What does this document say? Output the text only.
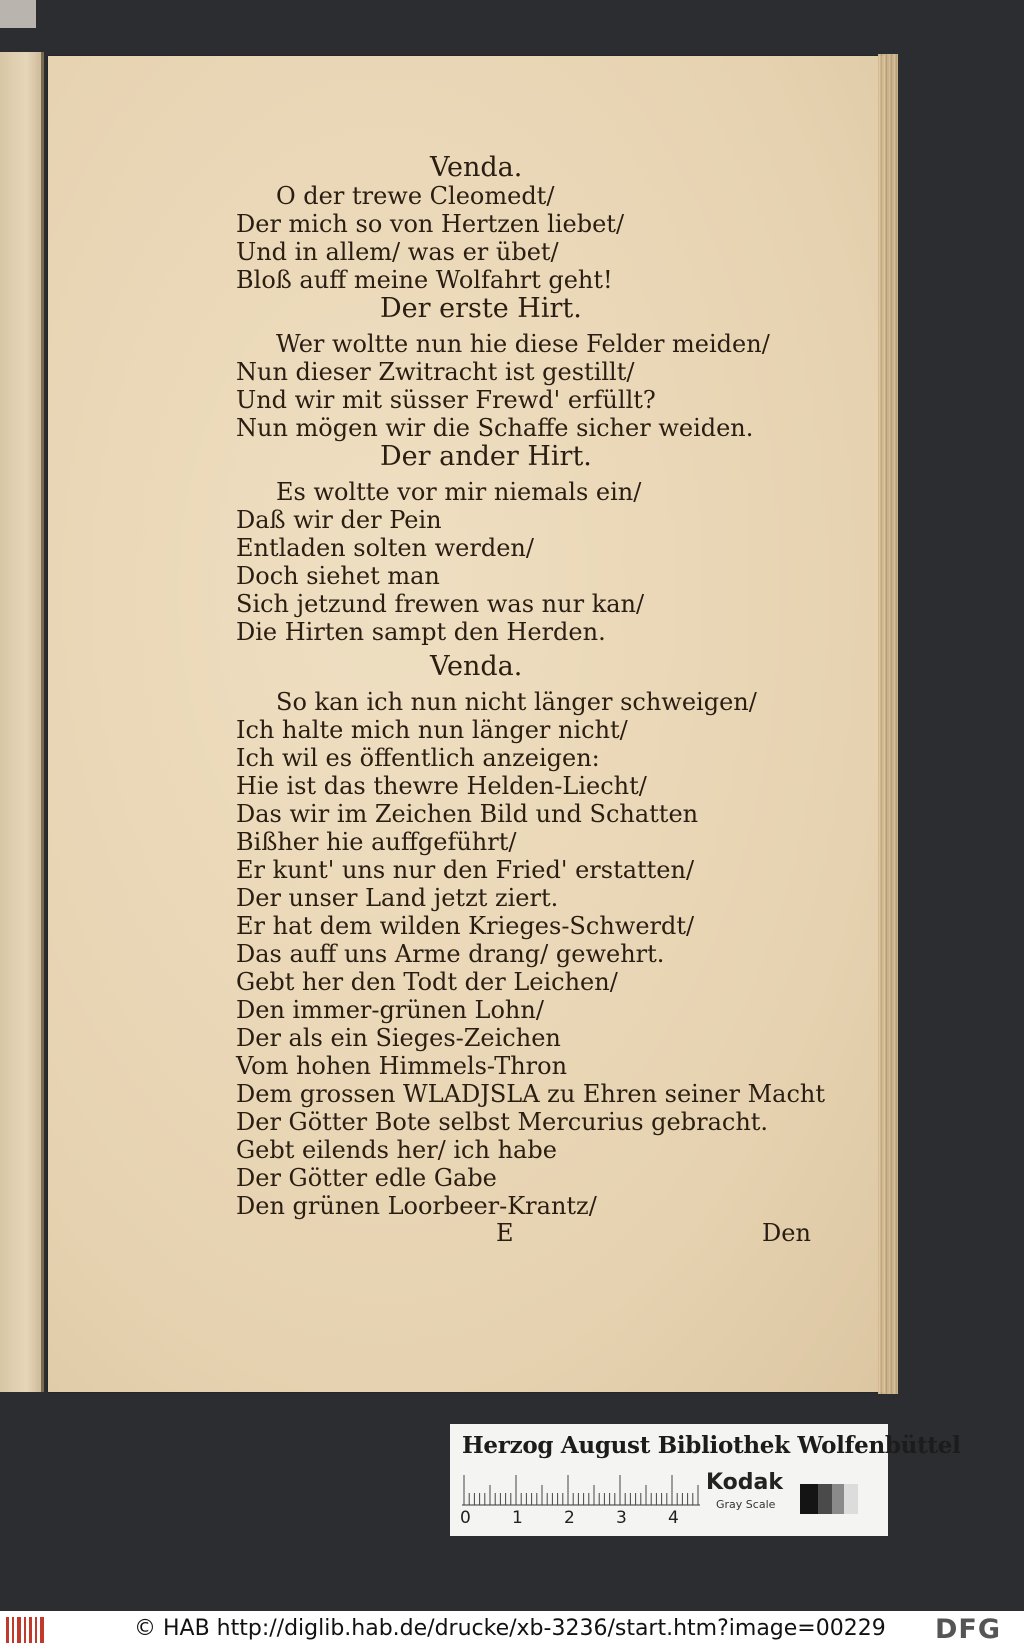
Venda.
O der trewe Cleomedt/
Der mich so von Hertzen liebet/
Und in allem/ was er übet/
Bloß auff meine Wolfahrt geht!
Der erste Hirt.
Wer woltte nun hie diese Felder meiden/
Nun dieser Zwitracht ist gestillt/
Und wir mit süsser Frewd' erfüllt?
Nun mögen wir die Schaffe sicher weiden.
Der ander Hirt.
Es woltte vor mir niemals ein/
Daß wir der Pein
Entladen solten werden/
Doch siehet man
Sich jetzund frewen was nur kan/
Die Hirten sampt den Herden.
Venda.
So kan ich nun nicht länger schweigen/
Ich halte mich nun länger nicht/
Ich wil es öffentlich anzeigen:
Hie ist das thewre Helden-Liecht/
Das wir im Zeichen Bild und Schatten
Bißher hie auffgeführt/
Er kunt' uns nur den Fried' erstatten/
Der unser Land jetzt ziert.
Er hat dem wilden Krieges-Schwerdt/
Das auff uns Arme drang/ gewehrt.
Gebt her den Todt der Leichen/
Den immer-grünen Lohn/
Der als ein Sieges-Zeichen
Vom hohen Himmels-Thron
Dem grossen WLADJSLA zu Ehren seiner Macht
Der Götter Bote selbst Mercurius gebracht.
Gebt eilends her/ ich habe
Der Götter edle Gabe
Den grünen Loorbeer-Krantz/
E	Den
Herzog August Bibliothek Wolfenbüttel
0 1 2 3 4
Kodak
Gray Scale
© HAB http://diglib.hab.de/drucke/xb-3236/start.htm?image=00229 DFG
